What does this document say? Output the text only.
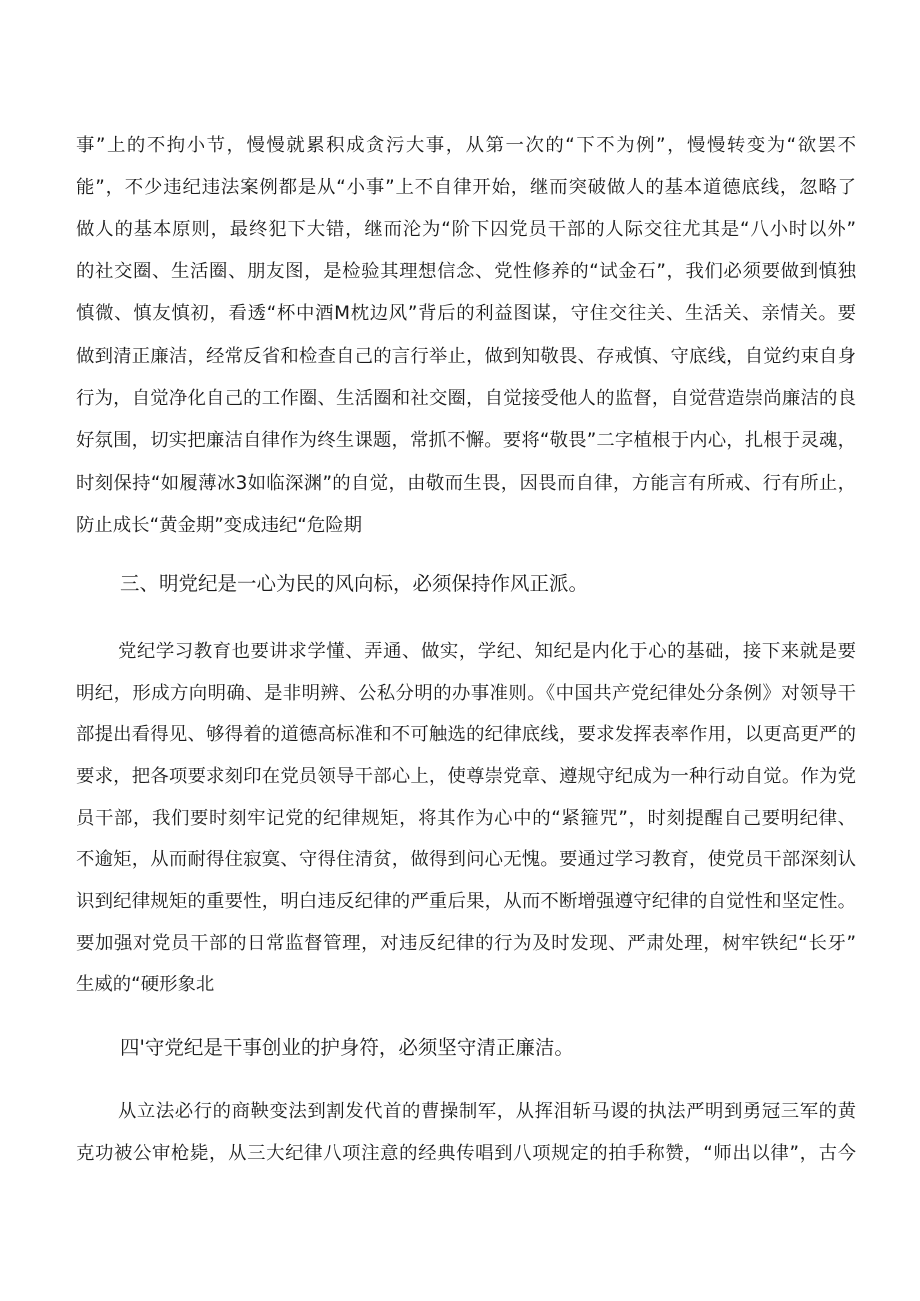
事”上的不拘小节，慢慢就累积成贪污大事，从第一次的“下不为例”，慢慢转变为“欲罢不
能”，不少违纪违法案例都是从“小事”上不自律开始，继而突破做人的基本道德底线，忽略了
做人的基本原则，最终犯下大错，继而沦为“阶下囚党员干部的人际交往尤其是“八小时以外”
的社交圈、生活圈、朋友图，是检验其理想信念、党性修养的“试金石”，我们必须要做到慎独
慎微、慎友慎初，看透“杯中酒M枕边风”背后的利益图谋，守住交往关、生活关、亲情关。要
做到清正廉洁，经常反省和检查自己的言行举止，做到知敬畏、存戒慎、守底线，自觉约束自身
行为，自觉净化自己的工作圈、生活圈和社交圈，自觉接受他人的监督，自觉营造崇尚廉洁的良
好氛围，切实把廉洁自律作为终生课题，常抓不懈。要将“敬畏”二字植根于内心，扎根于灵魂，
时刻保持“如履薄冰3如临深渊”的自觉，由敬而生畏，因畏而自律，方能言有所戒、行有所止，
防止成长“黄金期”变成违纪“危险期
三、明党纪是一心为民的风向标，必须保持作风正派。
党纪学习教育也要讲求学懂、弄通、做实，学纪、知纪是内化于心的基础，接下来就是要
明纪，形成方向明确、是非明辨、公私分明的办事准则。《中国共产党纪律处分条例》对领导干
部提出看得见、够得着的道德高标准和不可触选的纪律底线，要求发挥表率作用，以更高更严的
要求，把各项要求刻印在党员领导干部心上，使尊崇党章、遵规守纪成为一种行动自觉。作为党
员干部，我们要时刻牢记党的纪律规矩，将其作为心中的“紧箍咒”，时刻提醒自己要明纪律、
不逾矩，从而耐得住寂寞、守得住清贫，做得到问心无愧。要通过学习教育，使党员干部深刻认
识到纪律规矩的重要性，明白违反纪律的严重后果，从而不断增强遵守纪律的自觉性和坚定性。
要加强对党员干部的日常监督管理，对违反纪律的行为及时发现、严肃处理，树牢铁纪“长牙”
生威的“硬形象北
四'守党纪是干事创业的护身符，必须坚守清正廉洁。
从立法必行的商鞅变法到割发代首的曹操制军，从挥泪斩马谡的执法严明到勇冠三军的黄
克功被公审枪毙，从三大纪律八项注意的经典传唱到八项规定的拍手称赞，“师出以律”，古今
